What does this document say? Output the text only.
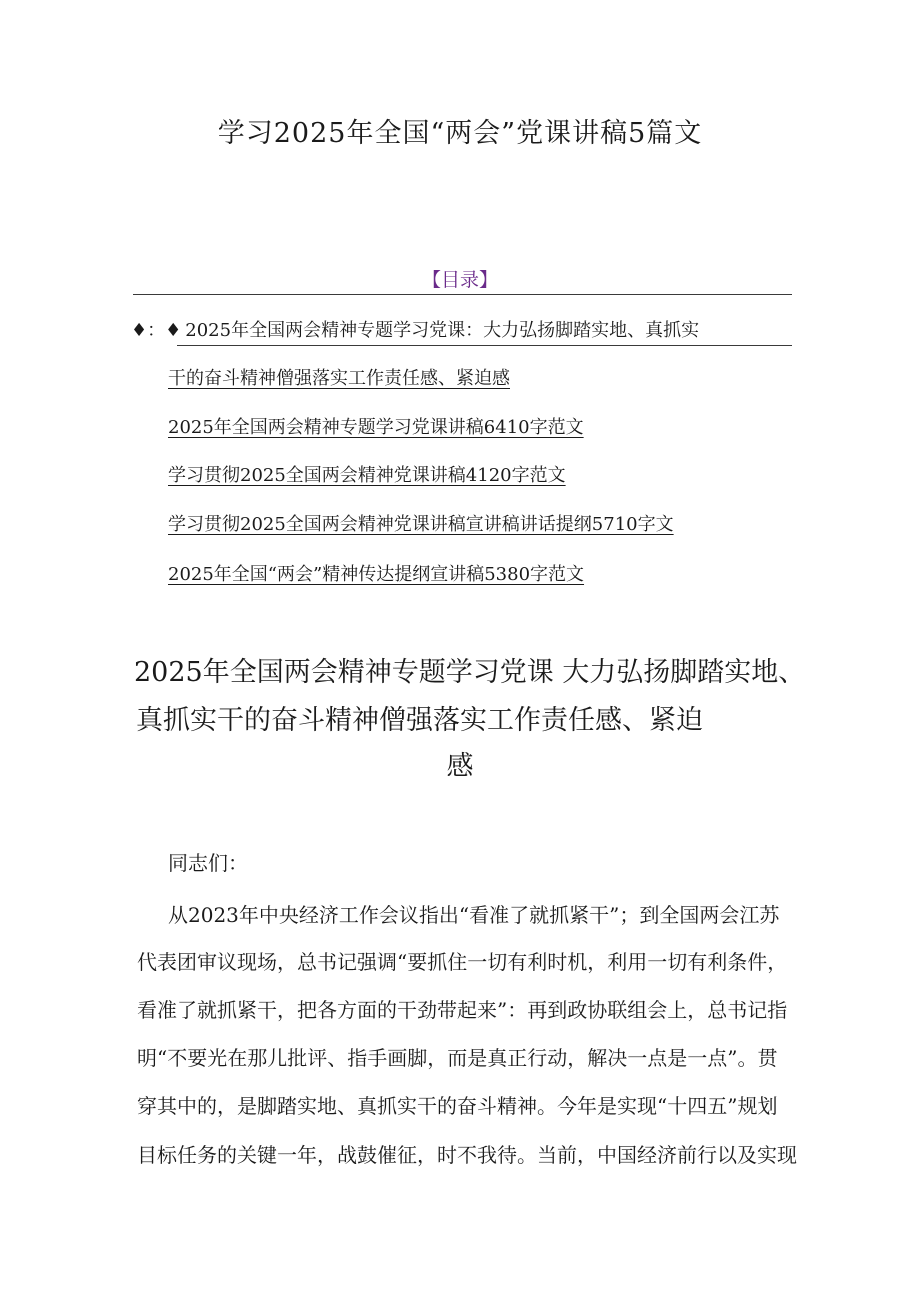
学习2025年全国“两会”党课讲稿5篇文
【目录】
♦：♦ 2025年全国两会精神专题学习党课：大力弘扬脚踏实地、真抓实
干的奋斗精神僧强落实工作责任感、紧迫感
2025年全国两会精神专题学习党课讲稿6410字范文
学习贯彻2025全国两会精神党课讲稿4120字范文
学习贯彻2025全国两会精神党课讲稿宣讲稿讲话提纲5710字文
2025年全国“两会”精神传达提纲宣讲稿5380字范文
2025年全国两会精神专题学习党课 大力弘扬脚踏实地、
真抓实干的奋斗精神僧强落实工作责任感、紧迫
感
同志们：
从2023年中央经济工作会议指出“看准了就抓紧干”；到全国两会江苏
代表团审议现场，总书记强调“要抓住一切有利时机，利用一切有利条件，
看准了就抓紧干，把各方面的干劲带起来”：再到政协联组会上，总书记指
明“不要光在那儿批评、指手画脚，而是真正行动，解决一点是一点”。贯
穿其中的，是脚踏实地、真抓实干的奋斗精神。今年是实现“十四五”规划
目标任务的关键一年，战鼓催征，时不我待。当前，中国经济前行以及实现
